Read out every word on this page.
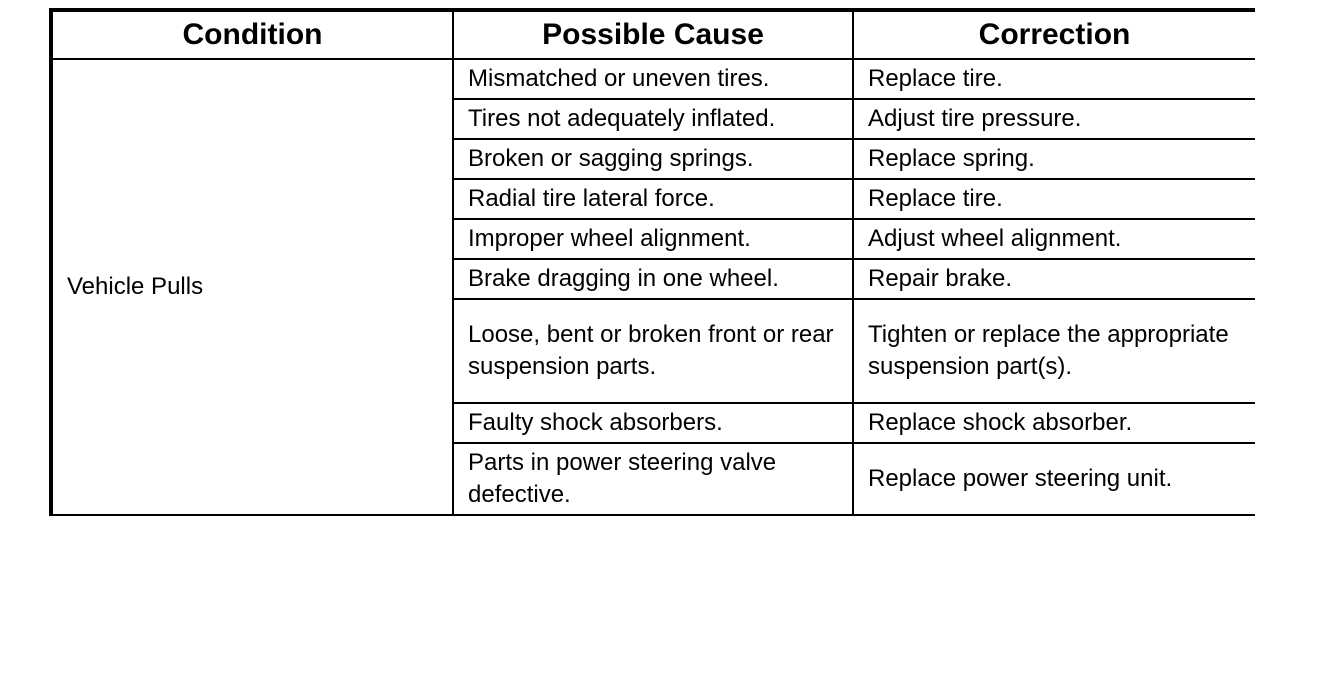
Condition	Possible Cause	Correction
Vehicle Pulls	Mismatched or uneven tires.	Replace tire.
	Tires not adequately inflated.	Adjust tire pressure.
	Broken or sagging springs.	Replace spring.
	Radial tire lateral force.	Replace tire.
	Improper wheel alignment.	Adjust wheel alignment.
	Brake dragging in one wheel.	Repair brake.
	Loose, bent or broken front or rear suspension parts.	Tighten or replace the appropriate suspension part(s).
	Faulty shock absorbers.	Replace shock absorber.
	Parts in power steering valve defective.	Replace power steering unit.
